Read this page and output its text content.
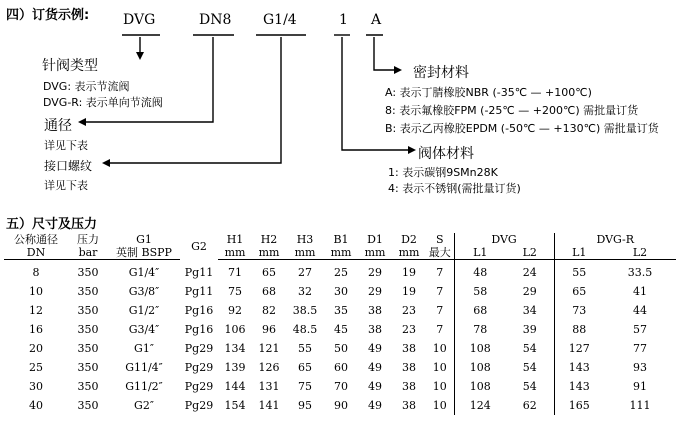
四）订货示例: DVG	DN8 G1/4	1 A
针阀类型
DVG: 表示节流阀
DVG-R: 表示单向节流阀
通径
详见下表
接口螺纹
详见下表
密封材料
A: 表示丁腈橡胶NBR (-35℃ — +100℃)
8: 表示氟橡胶FPM (-25℃ — +200℃) 需批量订货
B: 表示乙丙橡胶EPDM (-50℃ — +130℃) 需批量订货
阀体材料
1: 表示碳钢9SMn28K
4: 表示不锈钢(需批量订货)
五）尺寸及压力
公称通径	压力	G1	G2	H1	H2	H3	B1	D1	D2	S	DVG		DVG-R	
DN	bar	英制 BSPP		mm	mm	mm	mm	mm	mm	最大	L1	L2	L1	L2
8	350	G1/4″	Pg11	71	65	27	25	29	19	7	48	24	55	33.5
10	350	G3/8″	Pg11	75	68	32	30	29	19	7	58	29	65	41
12	350	G1/2″	Pg16	92	82	38.5	35	38	23	7	68	34	73	44
16	350	G3/4″	Pg16	106	96	48.5	45	38	23	7	78	39	88	57
20	350	G1″	Pg29	134	121	55	50	49	38	10	108	54	127	77
25	350	G11/4″	Pg29	139	126	65	60	49	38	10	108	54	143	93
30	350	G11/2″	Pg29	144	131	75	70	49	38	10	108	54	143	91
40	350	G2″	Pg29	154	141	95	90	49	38	10	124	62	165	111
